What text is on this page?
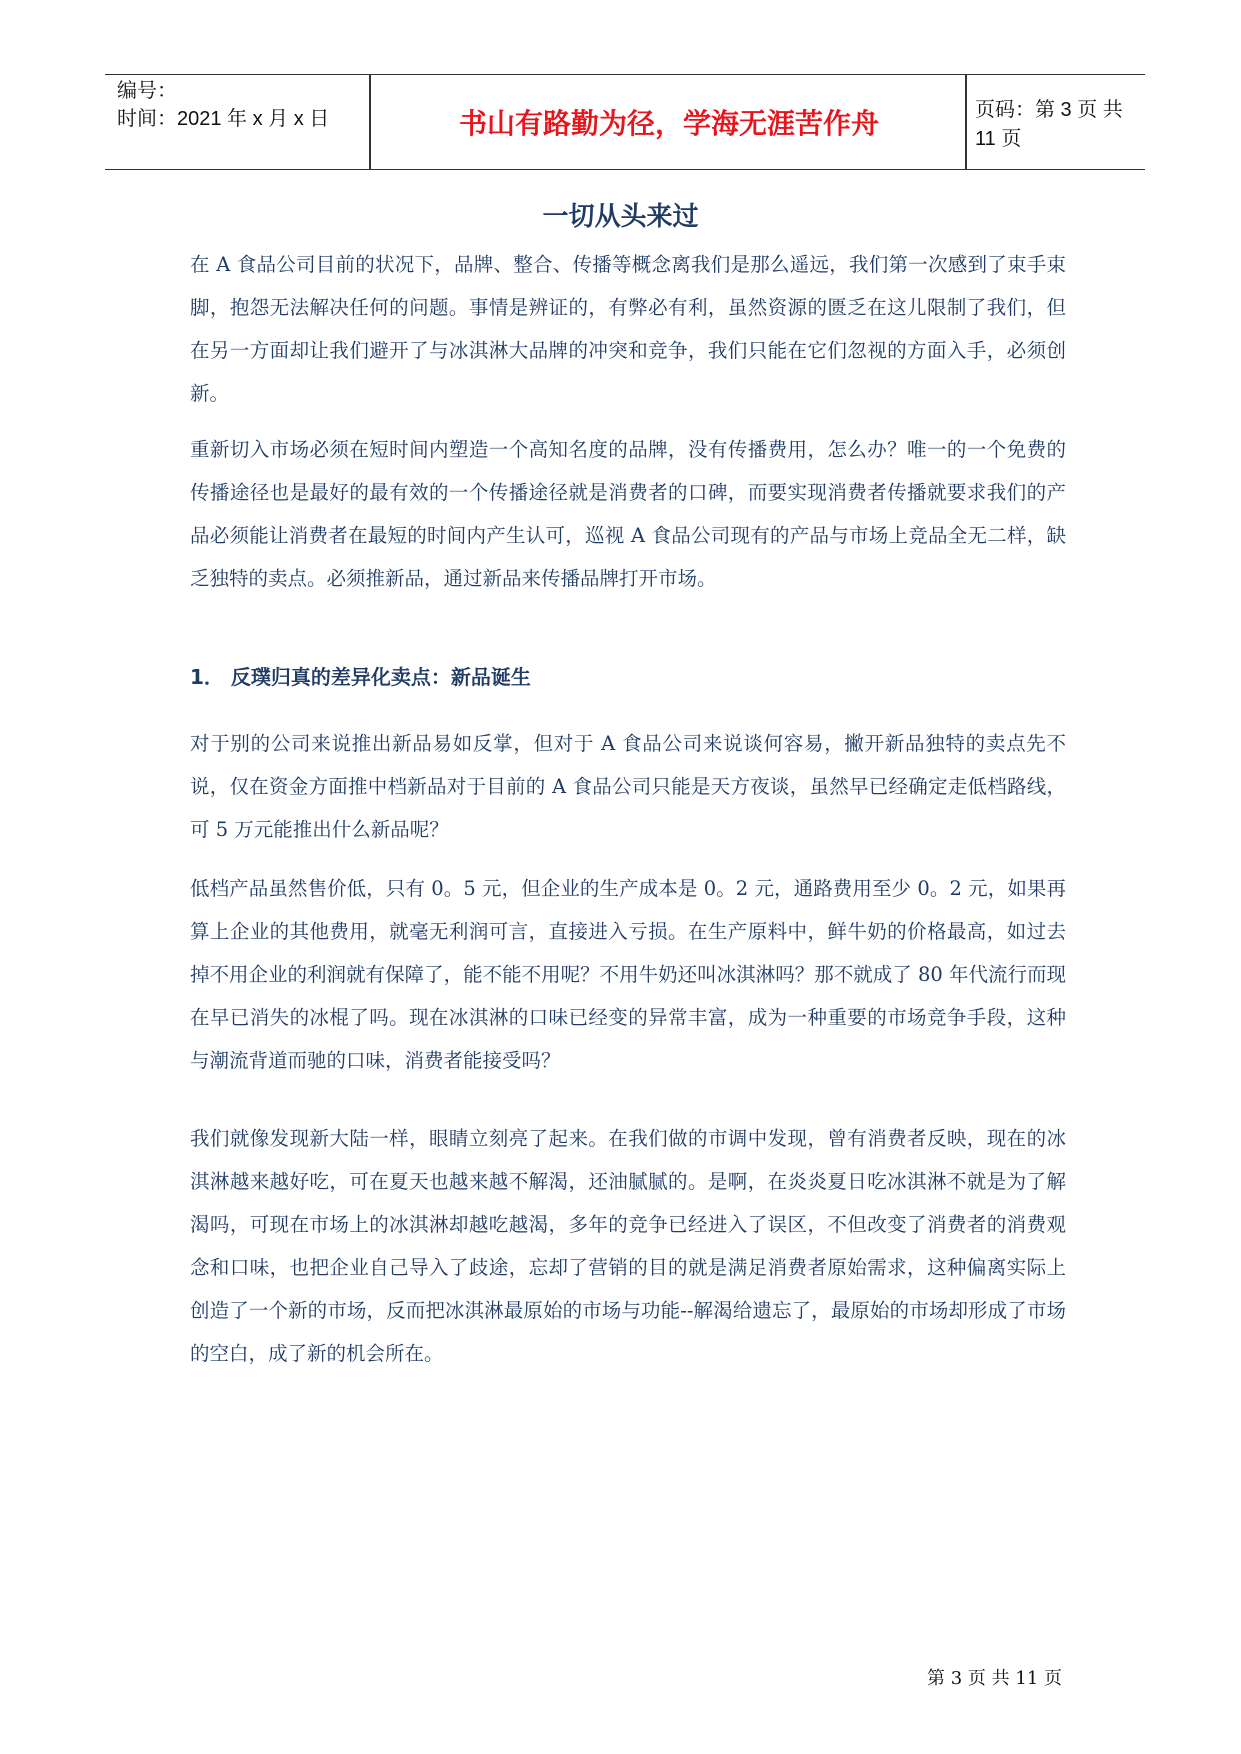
编号：
时间：2021 年 x 月 x 日	书山有路勤为径，学海无涯苦作舟	页码：第 3 页 共 11 页
一切从头来过
在 A 食品公司目前的状况下，品牌、整合、传播等概念离我们是那么遥远，我们第一次感到了束手束脚，抱怨无法解决任何的问题。事情是辨证的，有弊必有利，虽然资源的匮乏在这儿限制了我们，但在另一方面却让我们避开了与冰淇淋大品牌的冲突和竞争，我们只能在它们忽视的方面入手，必须创新。
重新切入市场必须在短时间内塑造一个高知名度的品牌，没有传播费用，怎么办？唯一的一个免费的传播途径也是最好的最有效的一个传播途径就是消费者的口碑，而要实现消费者传播就要求我们的产品必须能让消费者在最短的时间内产生认可，巡视 A 食品公司现有的产品与市场上竞品全无二样，缺乏独特的卖点。必须推新品，通过新品来传播品牌打开市场。
1． 反璞归真的差异化卖点：新品诞生
对于别的公司来说推出新品易如反掌，但对于 A 食品公司来说谈何容易，撇开新品独特的卖点先不说，仅在资金方面推中档新品对于目前的 A 食品公司只能是天方夜谈，虽然早已经确定走低档路线，可 5 万元能推出什么新品呢？
低档产品虽然售价低，只有 0。5 元，但企业的生产成本是 0。2 元，通路费用至少 0。2 元，如果再算上企业的其他费用，就毫无利润可言，直接进入亏损。在生产原料中，鲜牛奶的价格最高，如过去掉不用企业的利润就有保障了，能不能不用呢？不用牛奶还叫冰淇淋吗？那不就成了 80 年代流行而现在早已消失的冰棍了吗。现在冰淇淋的口味已经变的异常丰富，成为一种重要的市场竞争手段，这种与潮流背道而驰的口味，消费者能接受吗？
我们就像发现新大陆一样，眼睛立刻亮了起来。在我们做的市调中发现，曾有消费者反映，现在的冰淇淋越来越好吃，可在夏天也越来越不解渴，还油腻腻的。是啊，在炎炎夏日吃冰淇淋不就是为了解渴吗，可现在市场上的冰淇淋却越吃越渴，多年的竞争已经进入了误区，不但改变了消费者的消费观念和口味，也把企业自己导入了歧途，忘却了营销的目的就是满足消费者原始需求，这种偏离实际上创造了一个新的市场，反而把冰淇淋最原始的市场与功能--解渴给遗忘了，最原始的市场却形成了市场的空白，成了新的机会所在。
第 3 页 共 11 页
